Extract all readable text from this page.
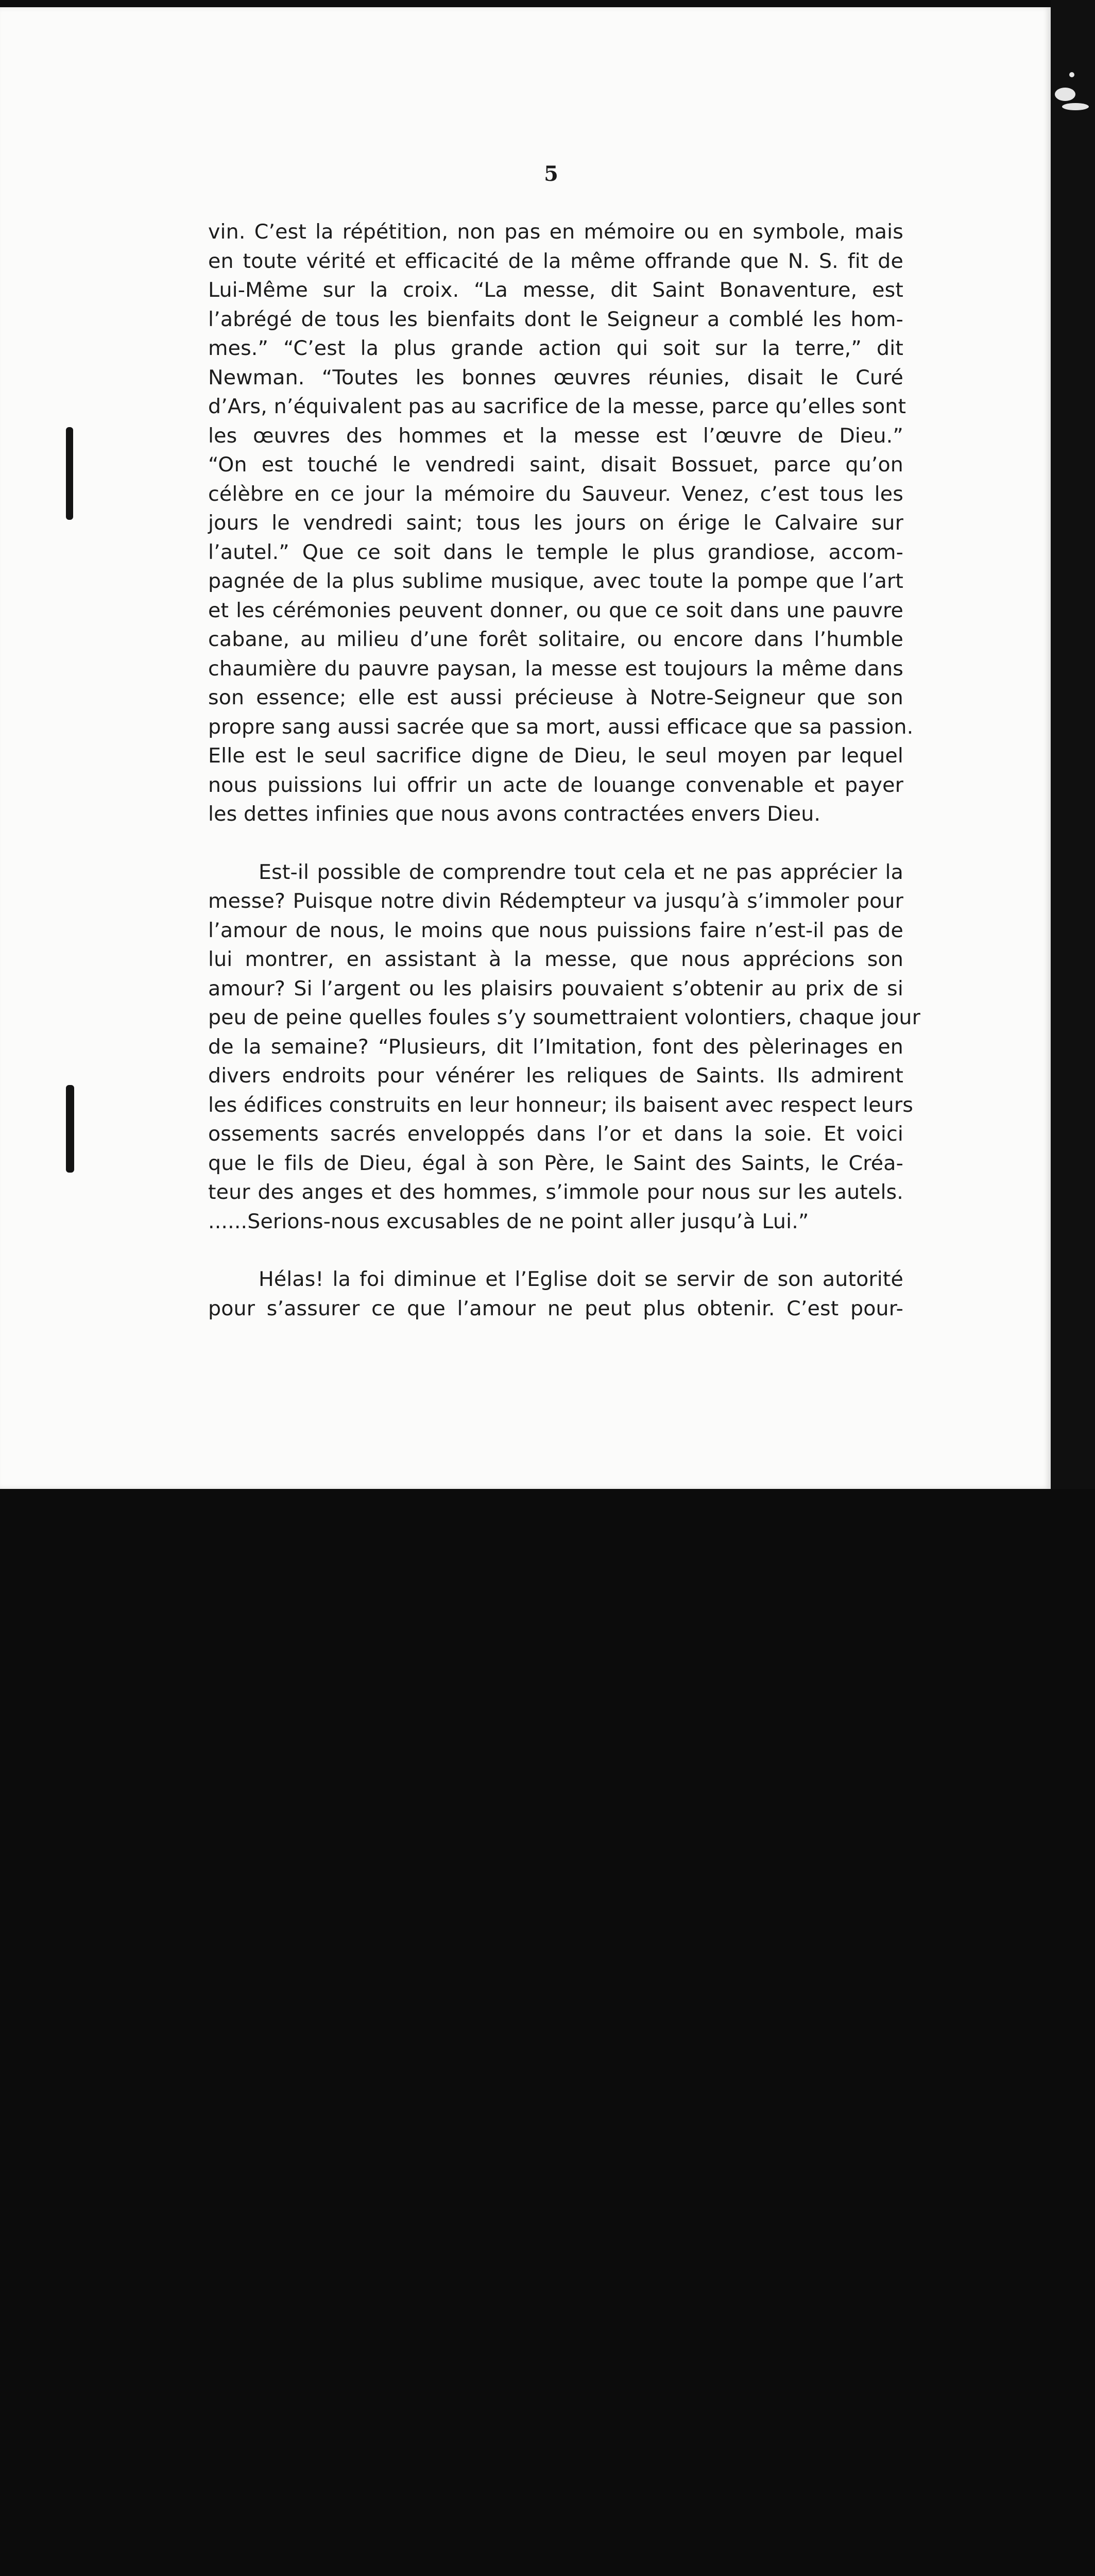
5

vin. C’est la répétition, non pas en mémoire ou en symbole, mais
en toute vérité et efficacité de la même offrande que N. S. fit de
Lui-Même sur la croix. “La messe, dit Saint Bonaventure, est
l’abrégé de tous les bienfaits dont le Seigneur a comblé les hom-
mes.” “C’est la plus grande action qui soit sur la terre,” dit
Newman. “Toutes les bonnes œuvres réunies, disait le Curé
d’Ars, n’équivalent pas au sacrifice de la messe, parce qu’elles sont
les œuvres des hommes et la messe est l’œuvre de Dieu.”
“On est touché le vendredi saint, disait Bossuet, parce qu’on
célèbre en ce jour la mémoire du Sauveur. Venez, c’est tous les
jours le vendredi saint; tous les jours on érige le Calvaire sur
l’autel.” Que ce soit dans le temple le plus grandiose, accom-
pagnée de la plus sublime musique, avec toute la pompe que l’art
et les cérémonies peuvent donner, ou que ce soit dans une pauvre
cabane, au milieu d’une forêt solitaire, ou encore dans l’humble
chaumière du pauvre paysan, la messe est toujours la même dans
son essence; elle est aussi précieuse à Notre-Seigneur que son
propre sang aussi sacrée que sa mort, aussi efficace que sa passion.
Elle est le seul sacrifice digne de Dieu, le seul moyen par lequel
nous puissions lui offrir un acte de louange convenable et payer
les dettes infinies que nous avons contractées envers Dieu.

Est-il possible de comprendre tout cela et ne pas apprécier la
messe? Puisque notre divin Rédempteur va jusqu’à s’immoler pour
l’amour de nous, le moins que nous puissions faire n’est-il pas de
lui montrer, en assistant à la messe, que nous apprécions son
amour? Si l’argent ou les plaisirs pouvaient s’obtenir au prix de si
peu de peine quelles foules s’y soumettraient volontiers, chaque jour
de la semaine? “Plusieurs, dit l’Imitation, font des pèlerinages en
divers endroits pour vénérer les reliques de Saints. Ils admirent
les édifices construits en leur honneur; ils baisent avec respect leurs
ossements sacrés enveloppés dans l’or et dans la soie. Et voici
que le fils de Dieu, égal à son Père, le Saint des Saints, le Créa-
teur des anges et des hommes, s’immole pour nous sur les autels.
......Serions-nous excusables de ne point aller jusqu’à Lui.”

Hélas! la foi diminue et l’Eglise doit se servir de son autorité
pour s’assurer ce que l’amour ne peut plus obtenir. C’est pour-
